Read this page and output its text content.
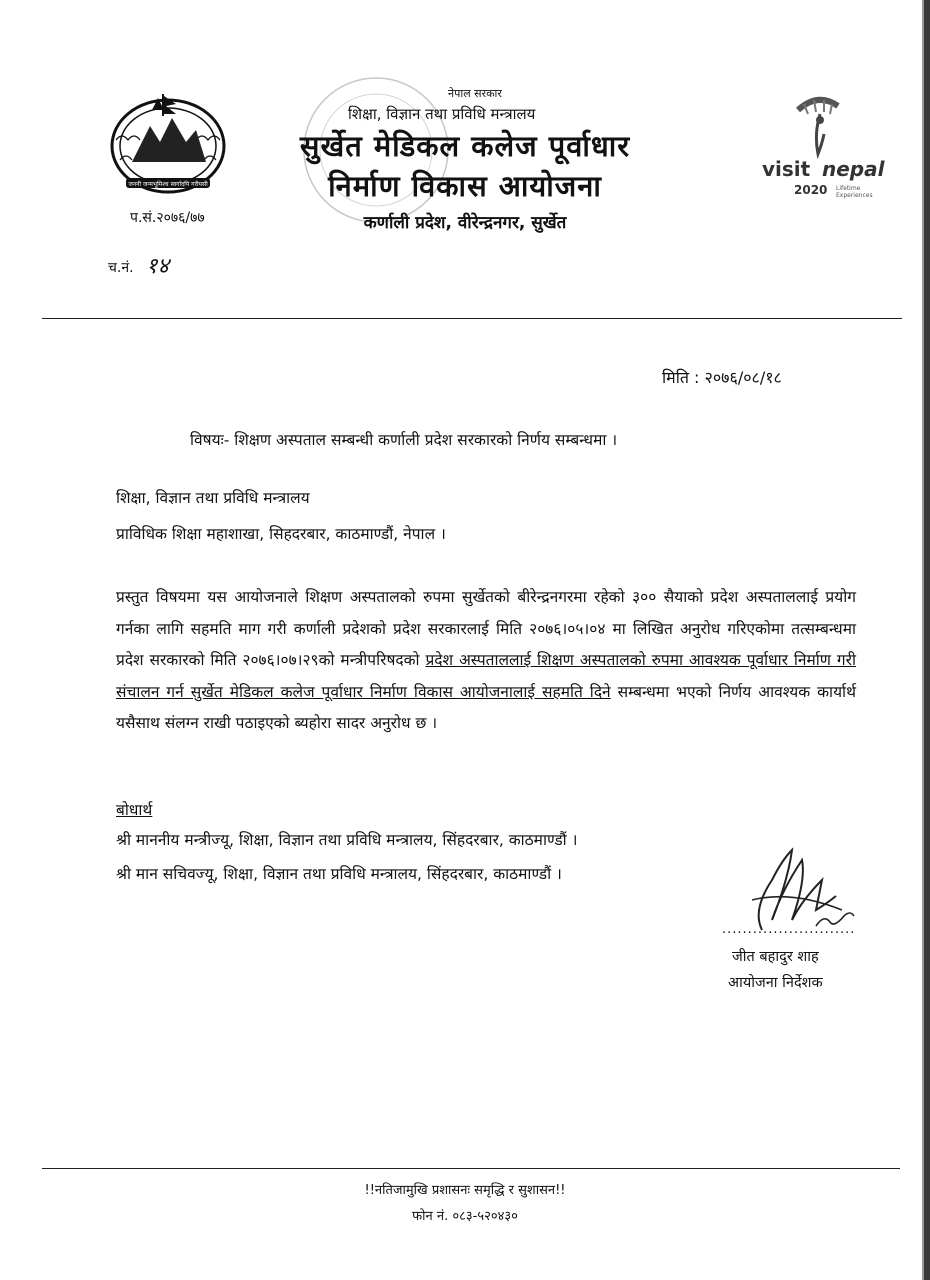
जननी जन्मभूमिश्च स्वर्गादपि गरीयसी
प.सं.२०७६/७७
नेपाल सरकार
शिक्षा, विज्ञान तथा प्रविधि मन्त्रालय
सुर्खेत मेडिकल कलेज पूर्वाधार
निर्माण विकास आयोजना
कर्णाली प्रदेश, वीरेन्द्रनगर, सुर्खेत
visit nepal
2020 Lifetime
Experiences
च.नं. १४
मिति : २०७६/०८/१८
विषयः- शिक्षण अस्पताल सम्बन्धी कर्णाली प्रदेश सरकारको निर्णय सम्बन्धमा ।
शिक्षा, विज्ञान तथा प्रविधि मन्त्रालय
प्राविधिक शिक्षा महाशाखा, सिहदरबार, काठमाण्डौं, नेपाल ।
प्रस्तुत विषयमा यस आयोजनाले शिक्षण अस्पतालको रुपमा सुर्खेतको बीरेन्द्रनगरमा रहेको ३०० सैयाको प्रदेश अस्पताललाई प्रयोग गर्नका लागि सहमति माग गरी कर्णाली प्रदेशको प्रदेश सरकारलाई मिति २०७६।०५।०४ मा लिखित अनुरोध गरिएकोमा तत्सम्बन्धमा प्रदेश सरकारको मिति २०७६।०७।२९को मन्त्रीपरिषदको प्रदेश अस्पताललाई शिक्षण अस्पतालको रुपमा आवश्यक पूर्वाधार निर्माण गरी संचालन गर्न सुर्खेत मेडिकल कलेज पूर्वाधार निर्माण विकास आयोजनालाई सहमति दिने सम्बन्धमा भएको निर्णय आवश्यक कार्यार्थ यसैसाथ संलग्न राखी पठाइएको ब्यहोरा सादर अनुरोध छ ।
बोधार्थ
श्री माननीय मन्त्रीज्यू, शिक्षा, विज्ञान तथा प्रविधि मन्त्रालय, सिंहदरबार, काठमाण्डौं ।
श्री मान सचिवज्यू, शिक्षा, विज्ञान तथा प्रविधि मन्त्रालय, सिंहदरबार, काठमाण्डौं ।
..........................
जीत बहादुर शाह
आयोजना निर्देशक
!!नतिजामुखि प्रशासनः समृद्धि र सुशासन!!
फोन नं. ०८३-५२०४३०
